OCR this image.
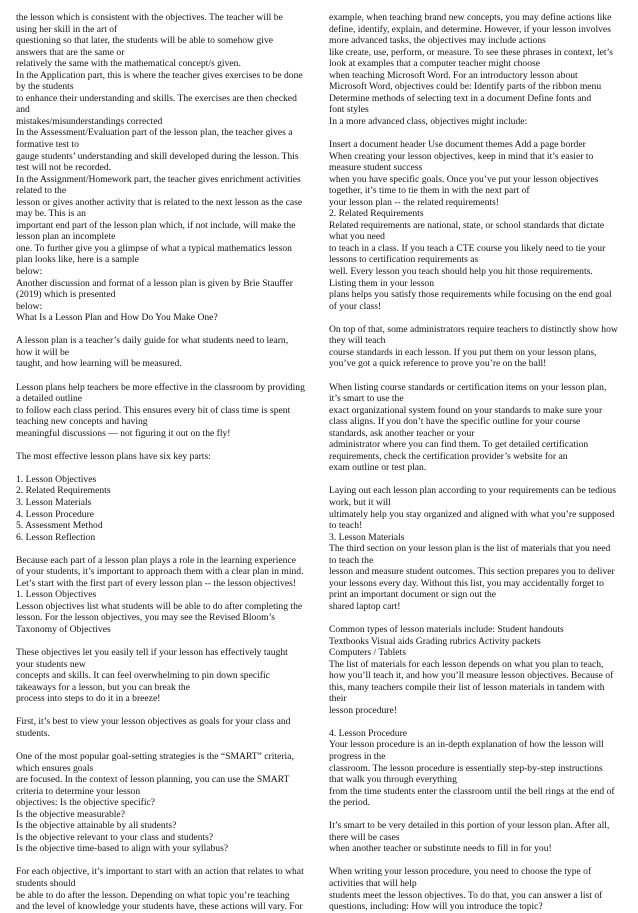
the lesson which is consistent with the objectives. The teacher will be
using her skill in the art of
questioning so that later, the students will be able to somehow give
answers that are the same or
relatively the same with the mathematical concept/s given.
In the Application part, this is where the teacher gives exercises to be done
by the students
to enhance their understanding and skills. The exercises are then checked
and
mistakes/misunderstandings corrected
In the Assessment/Evaluation part of the lesson plan, the teacher gives a
formative test to
gauge students’ understanding and skill developed during the lesson. This
test will not be recorded.
In the Assignment/Homework part, the teacher gives enrichment activities
related to the
lesson or gives another activity that is related to the next lesson as the case
may be. This is an
important end part of the lesson plan which, if not include, will make the
lesson plan an incomplete
one. To further give you a glimpse of what a typical mathematics lesson
plan looks like, here is a sample
below:
Another discussion and format of a lesson plan is given by Brie Stauffer
(2019) which is presented
below:
What Is a Lesson Plan and How Do You Make One?
A lesson plan is a teacher’s daily guide for what students need to learn,
how it will be
taught, and how learning will be measured.
Lesson plans help teachers be more effective in the classroom by providing
a detailed outline
to follow each class period. This ensures every bit of class time is spent
teaching new concepts and having
meaningful discussions — not figuring it out on the fly!
The most effective lesson plans have six key parts:
1. Lesson Objectives
2. Related Requirements
3. Lesson Materials
4. Lesson Procedure
5. Assessment Method
6. Lesson Reflection
Because each part of a lesson plan plays a role in the learning experience
of your students, it’s important to approach them with a clear plan in mind.
Let’s start with the first part of every lesson plan -- the lesson objectives!
1. Lesson Objectives
Lesson objectives list what students will be able to do after completing the
lesson. For the lesson objectives, you may see the Revised Bloom’s
Taxonomy of Objectives
These objectives let you easily tell if your lesson has effectively taught
your students new
concepts and skills. It can feel overwhelming to pin down specific
takeaways for a lesson, but you can break the
process into steps to do it in a breeze!
First, it’s best to view your lesson objectives as goals for your class and
students.
One of the most popular goal-setting strategies is the “SMART” criteria,
which ensures goals
are focused. In the context of lesson planning, you can use the SMART
criteria to determine your lesson
objectives: Is the objective specific?
Is the objective measurable?
Is the objective attainable by all students?
Is the objective relevant to your class and students?
Is the objective time-based to align with your syllabus?
For each objective, it’s important to start with an action that relates to what
students should
be able to do after the lesson. Depending on what topic you’re teaching
and the level of knowledge your students have, these actions will vary. For
example, when teaching brand new concepts, you may define actions like
define, identify, explain, and determine. However, if your lesson involves
more advanced tasks, the objectives may include actions
like create, use, perform, or measure. To see these phrases in context, let’s
look at examples that a computer teacher might choose
when teaching Microsoft Word. For an introductory lesson about
Microsoft Word, objectives could be: Identify parts of the ribbon menu
Determine methods of selecting text in a document Define fonts and
font styles
In a more advanced class, objectives might include:
Insert a document header Use document themes Add a page border
When creating your lesson objectives, keep in mind that it’s easier to
measure student success
when you have specific goals. Once you’ve put your lesson objectives
together, it’s time to tie them in with the next part of
your lesson plan -- the related requirements!
2. Related Requirements
Related requirements are national, state, or school standards that dictate
what you need
to teach in a class. If you teach a CTE course you likely need to tie your
lessons to certification requirements as
well. Every lesson you teach should help you hit those requirements.
Listing them in your lesson
plans helps you satisfy those requirements while focusing on the end goal
of your class!
On top of that, some administrators require teachers to distinctly show how
they will teach
course standards in each lesson. If you put them on your lesson plans,
you’ve got a quick reference to prove you’re on the ball!
When listing course standards or certification items on your lesson plan,
it’s smart to use the
exact organizational system found on your standards to make sure your
class aligns. If you don’t have the specific outline for your course
standards, ask another teacher or your
administrator where you can find them. To get detailed certification
requirements, check the certification provider’s website for an
exam outline or test plan.
Laying out each lesson plan according to your requirements can be tedious
work, but it will
ultimately help you stay organized and aligned with what you’re supposed
to teach!
3. Lesson Materials
The third section on your lesson plan is the list of materials that you need
to teach the
lesson and measure student outcomes. This section prepares you to deliver
your lessons every day. Without this list, you may accidentally forget to
print an important document or sign out the
shared laptop cart!
Common types of lesson materials include: Student handouts
Textbooks Visual aids Grading rubrics Activity packets
Computers / Tablets
The list of materials for each lesson depends on what you plan to teach,
how you’ll teach it, and how you’ll measure lesson objectives. Because of
this, many teachers compile their list of lesson materials in tandem with
their
lesson procedure!
4. Lesson Procedure
Your lesson procedure is an in-depth explanation of how the lesson will
progress in the
classroom. The lesson procedure is essentially step-by-step instructions
that walk you through everything
from the time students enter the classroom until the bell rings at the end of
the period.
It’s smart to be very detailed in this portion of your lesson plan. After all,
there will be cases
when another teacher or substitute needs to fill in for you!
When writing your lesson procedure, you need to choose the type of
activities that will help
students meet the lesson objectives. To do that, you can answer a list of
questions, including: How will you introduce the topic?
